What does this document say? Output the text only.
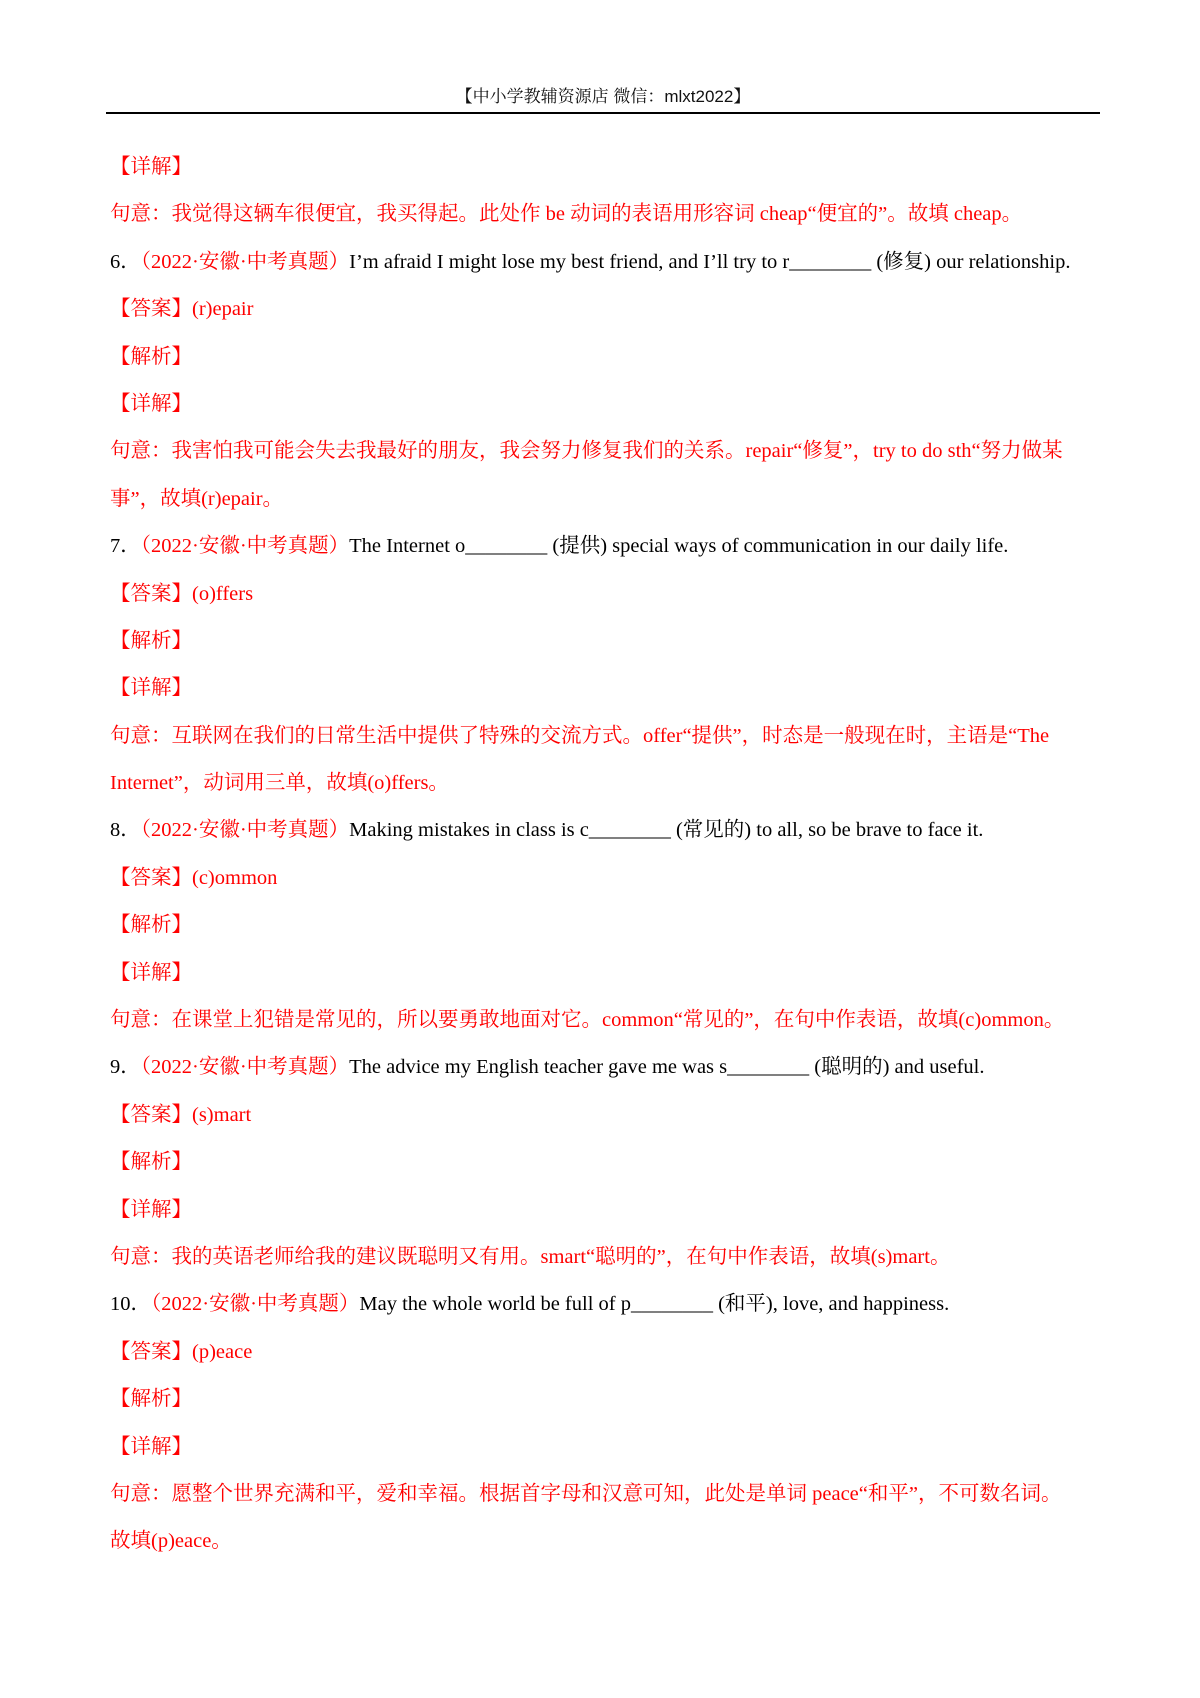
【中小学教辅资源店 微信：mlxt2022】
【详解】
句意：我觉得这辆车很便宜，我买得起。此处作 be 动词的表语用形容词 cheap“便宜的”。故填 cheap。
6．（2022·安徽·中考真题）I’m afraid I might lose my best friend, and I’ll try to r________ (修复) our relationship.
【答案】(r)epair
【解析】
【详解】
句意：我害怕我可能会失去我最好的朋友，我会努力修复我们的关系。repair“修复”，try to do sth“努力做某
事”，故填(r)epair。
7．（2022·安徽·中考真题）The Internet o________ (提供) special ways of communication in our daily life.
【答案】(o)ffers
【解析】
【详解】
句意：互联网在我们的日常生活中提供了特殊的交流方式。offer“提供”，时态是一般现在时，主语是“The
Internet”，动词用三单，故填(o)ffers。
8．（2022·安徽·中考真题）Making mistakes in class is c________ (常见的) to all, so be brave to face it.
【答案】(c)ommon
【解析】
【详解】
句意：在课堂上犯错是常见的，所以要勇敢地面对它。common“常见的”，在句中作表语，故填(c)ommon。
9．（2022·安徽·中考真题）The advice my English teacher gave me was s________ (聪明的) and useful.
【答案】(s)mart
【解析】
【详解】
句意：我的英语老师给我的建议既聪明又有用。smart“聪明的”，在句中作表语，故填(s)mart。
10．（2022·安徽·中考真题）May the whole world be full of p________ (和平), love, and happiness.
【答案】(p)eace
【解析】
【详解】
句意：愿整个世界充满和平，爱和幸福。根据首字母和汉意可知，此处是单词 peace“和平”，不可数名词。
故填(p)eace。
